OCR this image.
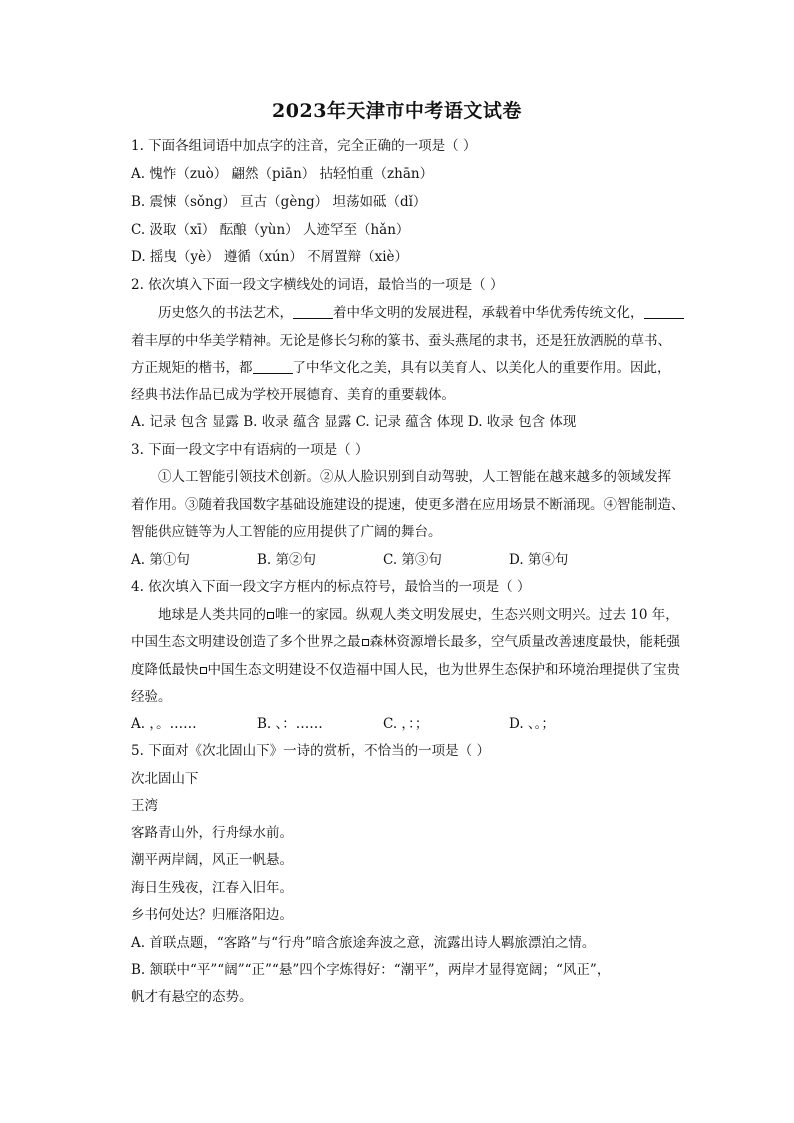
2023年天津市中考语文试卷
1. 下面各组词语中加点字的注音，完全正确的一项是（ ）
A. 愧怍（zuò） 翩然（piān） 拈轻怕重（zhān）
B. 震悚（sǒng） 亘古（gèng） 坦荡如砥（dǐ）
C. 汲取（xī） 酝酿（yùn） 人迹罕至（hǎn）
D. 摇曳（yè） 遵循（xún） 不屑置辩（xiè）
2. 依次填入下面一段文字横线处的词语，最恰当的一项是（ ）
历史悠久的书法艺术，	着中华文明的发展进程，承载着中华优秀传统文化，
着丰厚的中华美学精神。无论是修长匀称的篆书、蚕头燕尾的隶书，还是狂放洒脱的草书、
方正规矩的楷书，都	了中华文化之美，具有以美育人、以美化人的重要作用。因此，
经典书法作品已成为学校开展德育、美育的重要载体。
A. 记录 包含 显露 B. 收录 蕴含 显露 C. 记录 蕴含 体现 D. 收录 包含 体现
3. 下面一段文字中有语病的一项是（ ）
①人工智能引领技术创新。②从人脸识别到自动驾驶，人工智能在越来越多的领域发挥
着作用。③随着我国数字基础设施建设的提速，使更多潜在应用场景不断涌现。④智能制造、
智能供应链等为人工智能的应用提供了广阔的舞台。
A. 第①句	B. 第②句	C. 第③句	D. 第④句
4. 依次填入下面一段文字方框内的标点符号，最恰当的一项是（ ）
地球是人类共同的 唯一的家园。纵观人类文明发展史，生态兴则文明兴。过去 10 年，
中国生态文明建设创造了多个世界之最 森林资源增长最多，空气质量改善速度最快，能耗强
度降低最快 中国生态文明建设不仅造福中国人民，也为世界生态保护和环境治理提供了宝贵
经验。
A. ，。……	B. 、：……	C. ，：；	D. 、。；
5. 下面对《次北固山下》一诗的赏析，不恰当的一项是（ ）
次北固山下
王湾
客路青山外，行舟绿水前。
潮平两岸阔，风正一帆悬。
海日生残夜，江春入旧年。
乡书何处达？归雁洛阳边。
A. 首联点题，“客路”与“行舟”暗含旅途奔波之意，流露出诗人羁旅漂泊之情。
B. 颔联中“平”“阔”“正”“悬”四个字炼得好：“潮平”，两岸才显得宽阔；“风正”，
帆才有悬空的态势。
